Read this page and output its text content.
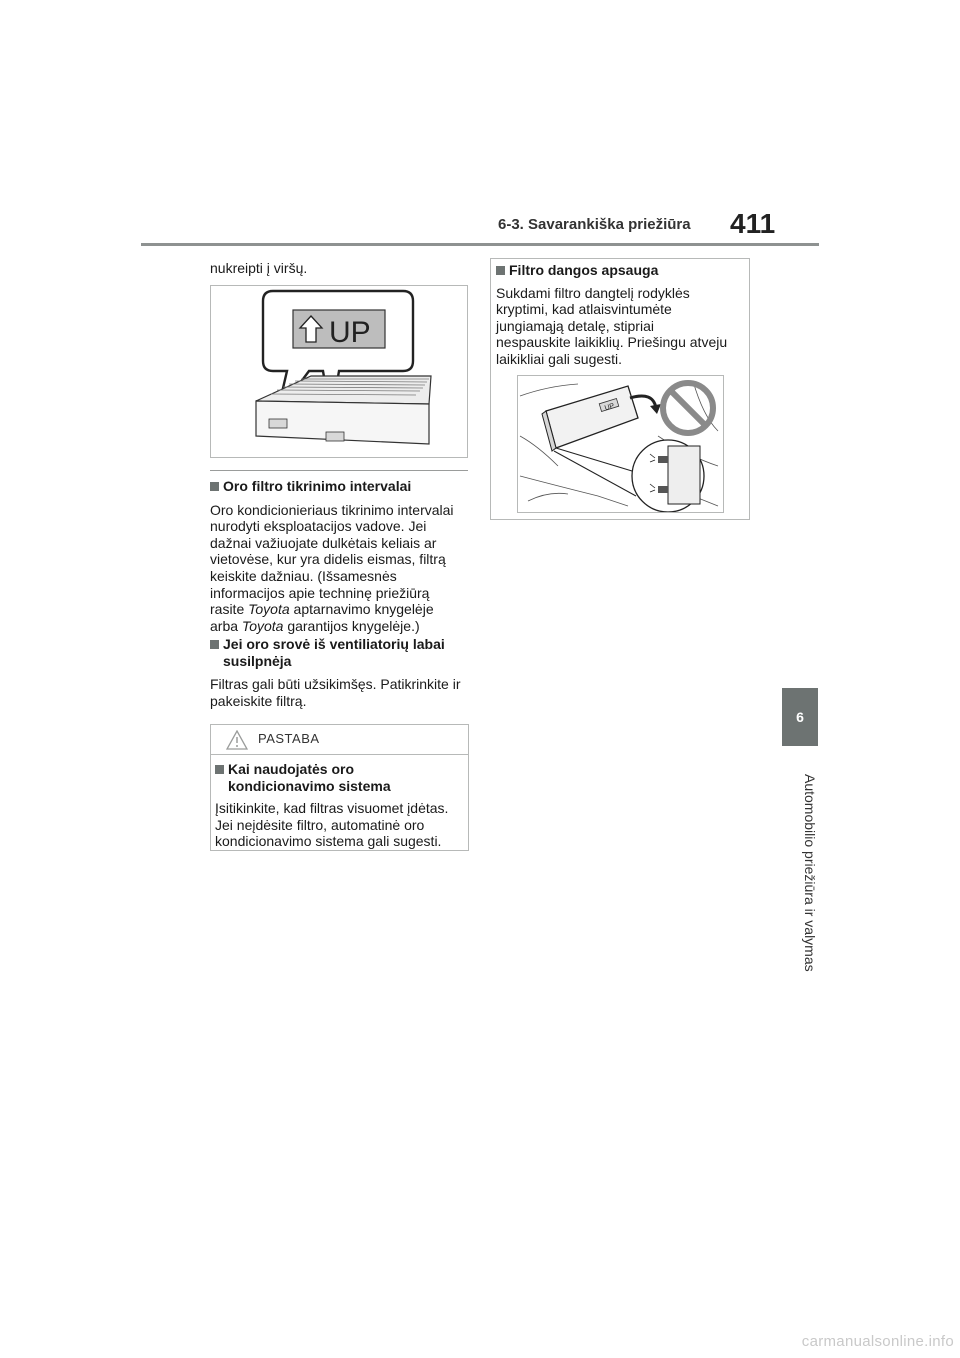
6-3. Savarankiška priežiūra 411
6
Automobilio priežiūra ir valymas
nukreipti į viršų.
UP
Oro filtro tikrinimo intervalai
Oro kondicionieriaus tikrinimo intervalai
nurodyti eksploatacijos vadove. Jei
dažnai važiuojate dulkėtais keliais ar
vietovėse, kur yra didelis eismas, filtrą
keiskite dažniau. (Išsamesnės
informacijos apie techninę priežiūrą
rasite Toyota aptarnavimo knygelėje
arba Toyota garantijos knygelėje.)
Jei oro srovė iš ventiliatorių labai
susilpnėja
Filtras gali būti užsikimšęs. Patikrinkite ir
pakeiskite filtrą.
PASTABA
Kai naudojatės oro
kondicionavimo sistema
Įsitikinkite, kad filtras visuomet įdėtas.
Jei neįdėsite filtro, automatinė oro
kondicionavimo sistema gali sugesti.
Filtro dangos apsauga
Sukdami filtro dangtelį rodyklės
kryptimi, kad atlaisvintumėte
jungiamąją detalę, stipriai
nespauskite laikiklių. Priešingu atveju
laikikliai gali sugesti.
UP
carmanualsonline.info
